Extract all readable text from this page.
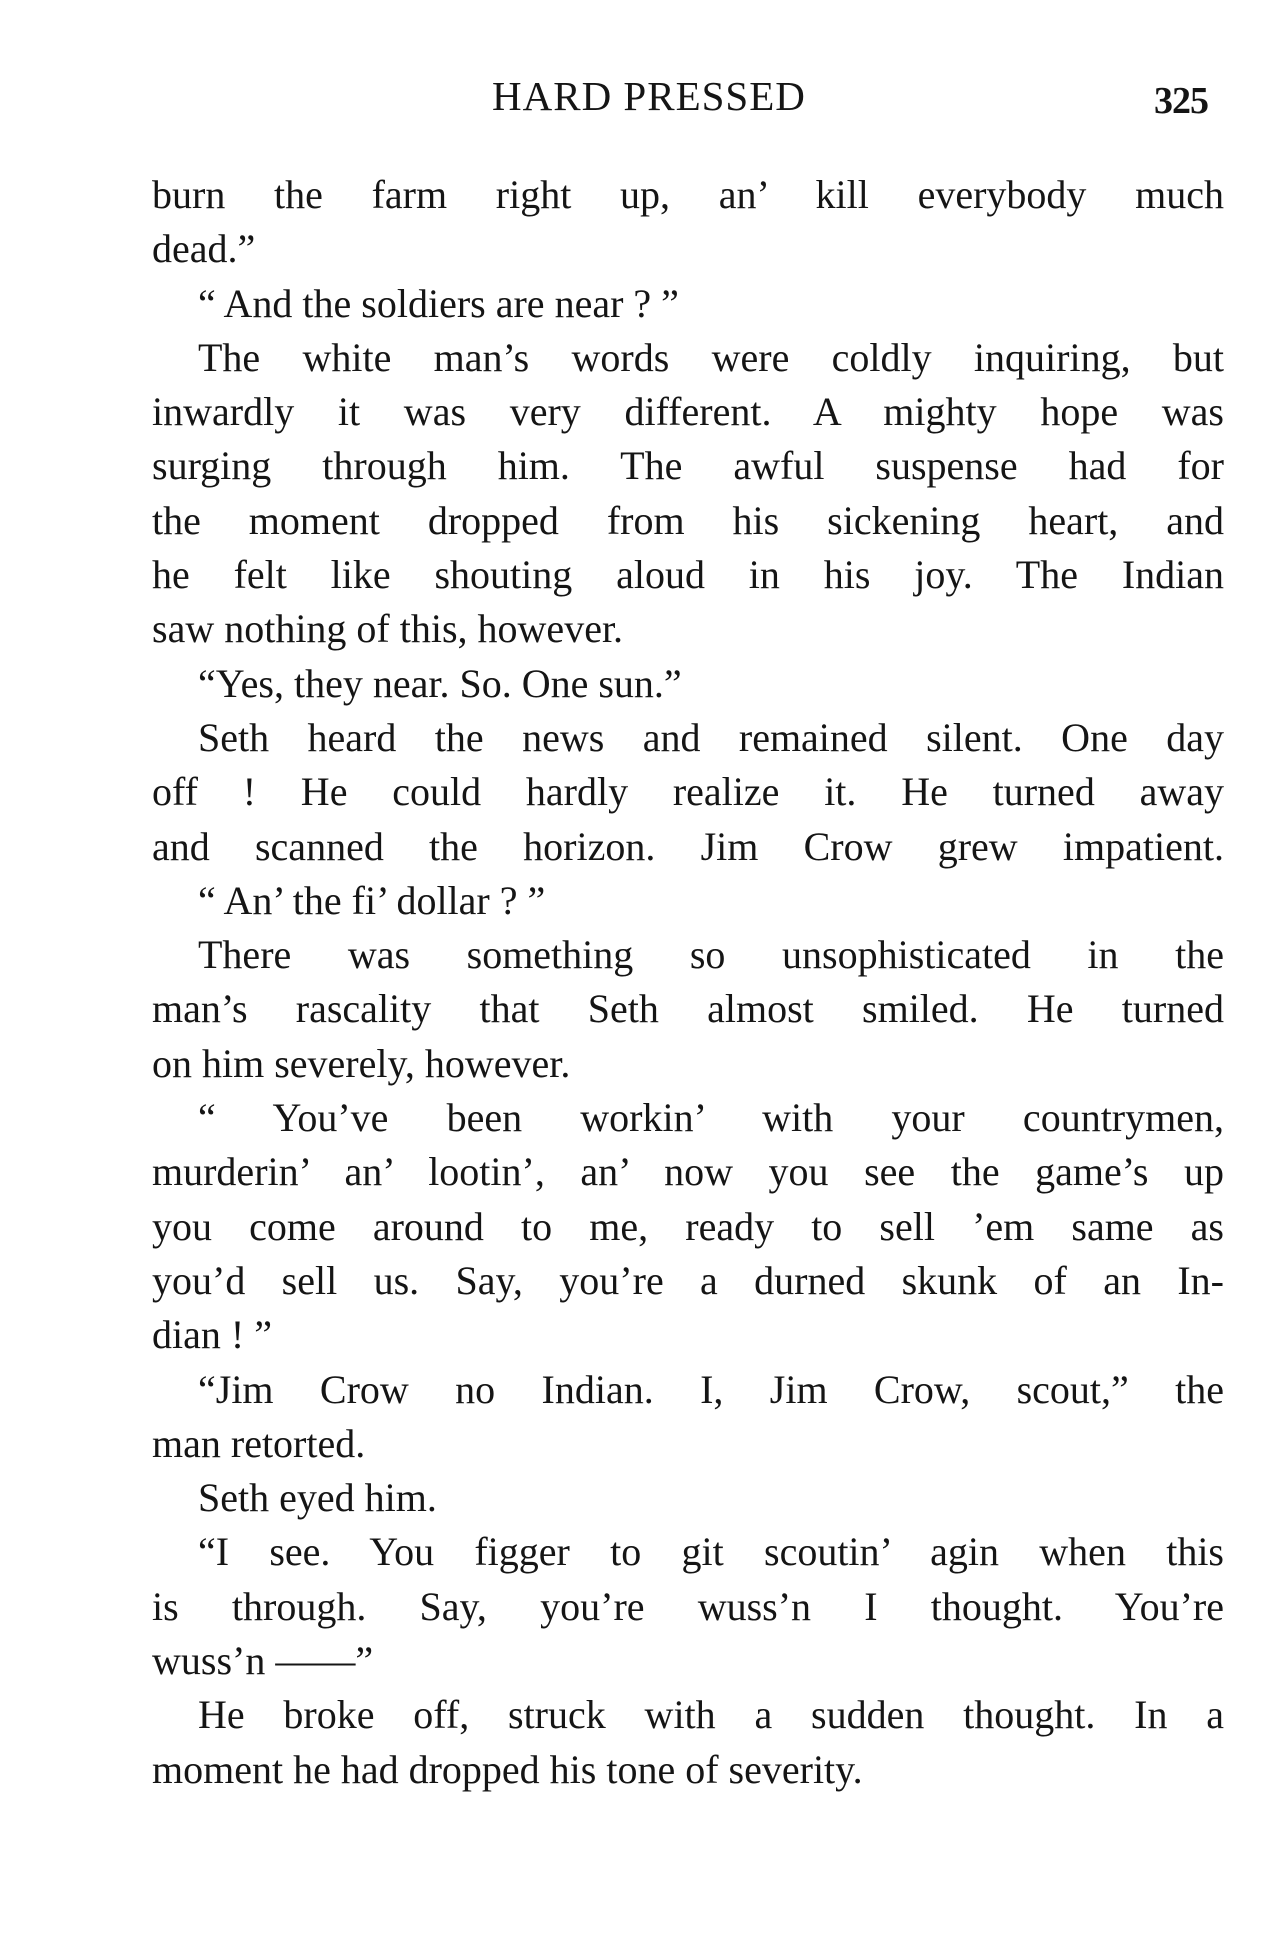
HARD PRESSED	325
burn the farm right up, an’ kill everybody much
dead.”
“ And the soldiers are near ? ”
The white man’s words were coldly inquiring, but
inwardly it was very different. A mighty hope was
surging through him. The awful suspense had for
the moment dropped from his sickening heart, and
he felt like shouting aloud in his joy. The Indian
saw nothing of this, however.
“Yes, they near. So. One sun.”
Seth heard the news and remained silent. One day
off ! He could hardly realize it. He turned away
and scanned the horizon. Jim Crow grew impatient.
“ An’ the fi’ dollar ? ”
There was something so unsophisticated in the
man’s rascality that Seth almost smiled. He turned
on him severely, however.
“ You’ve been workin’ with your countrymen,
murderin’ an’ lootin’, an’ now you see the game’s up
you come around to me, ready to sell ’em same as
you’d sell us. Say, you’re a durned skunk of an In-
dian ! ”
“Jim Crow no Indian. I, Jim Crow, scout,” the
man retorted.
Seth eyed him.
“I see. You figger to git scoutin’ agin when this
is through. Say, you’re wuss’n I thought. You’re
wuss’n ——”
He broke off, struck with a sudden thought. In a
moment he had dropped his tone of severity.
